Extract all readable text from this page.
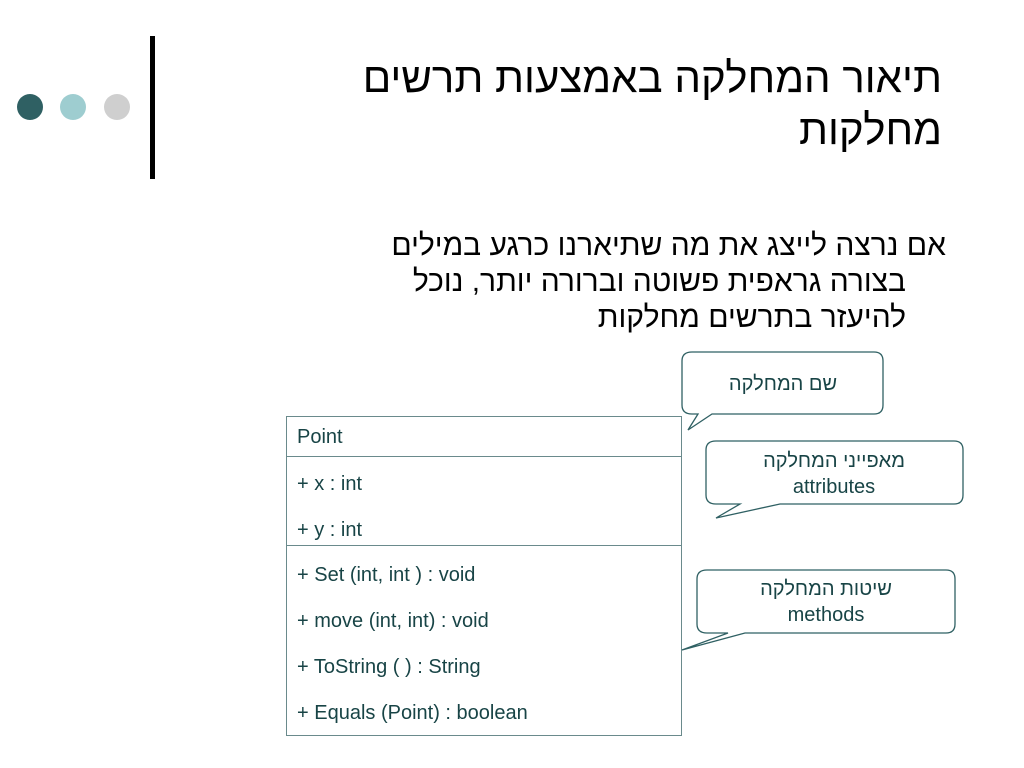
תיאור המחלקה באמצעות תרשים
מחלקות
אם נרצה לייצג את מה שתיארנו כרגע במילים
בצורה גראפית פשוטה וברורה יותר, נוכל
להיעזר בתרשים מחלקות
Point
+ x : int
+ y : int
+ Set (int, int ) : void
+ move (int, int) : void
+ ToString ( ) : String
+ Equals (Point) : boolean
שם המחלקה
מאפייני המחלקה
attributes
שיטות המחלקה
methods
